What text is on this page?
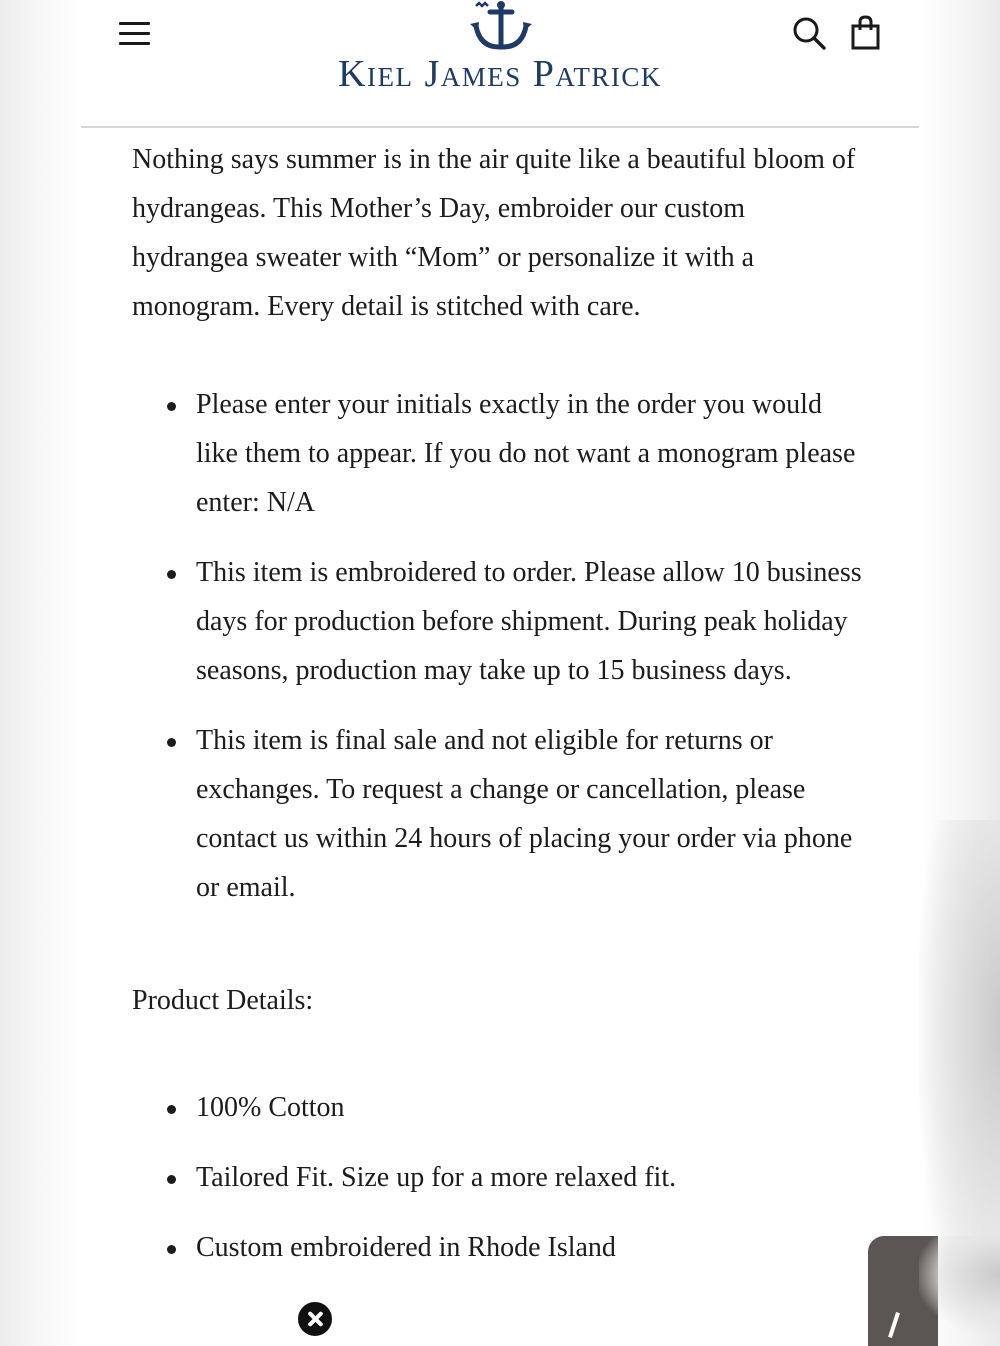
Kiel James Patrick

Nothing says summer is in the air quite like a beautiful bloom of hydrangeas. This Mother’s Day, embroider our custom hydrangea sweater with “Mom” or personalize it with a monogram. Every detail is stitched with care.

Please enter your initials exactly in the order you would like them to appear. If you do not want a monogram please enter: N/A
This item is embroidered to order. Please allow 10 business days for production before shipment. During peak holiday seasons, production may take up to 15 business days.
This item is final sale and not eligible for returns or exchanges. To request a change or cancellation, please contact us within 24 hours of placing your order via phone or email.

Product Details:

100% Cotton
Tailored Fit. Size up for a more relaxed fit.
Custom embroidered in Rhode Island
